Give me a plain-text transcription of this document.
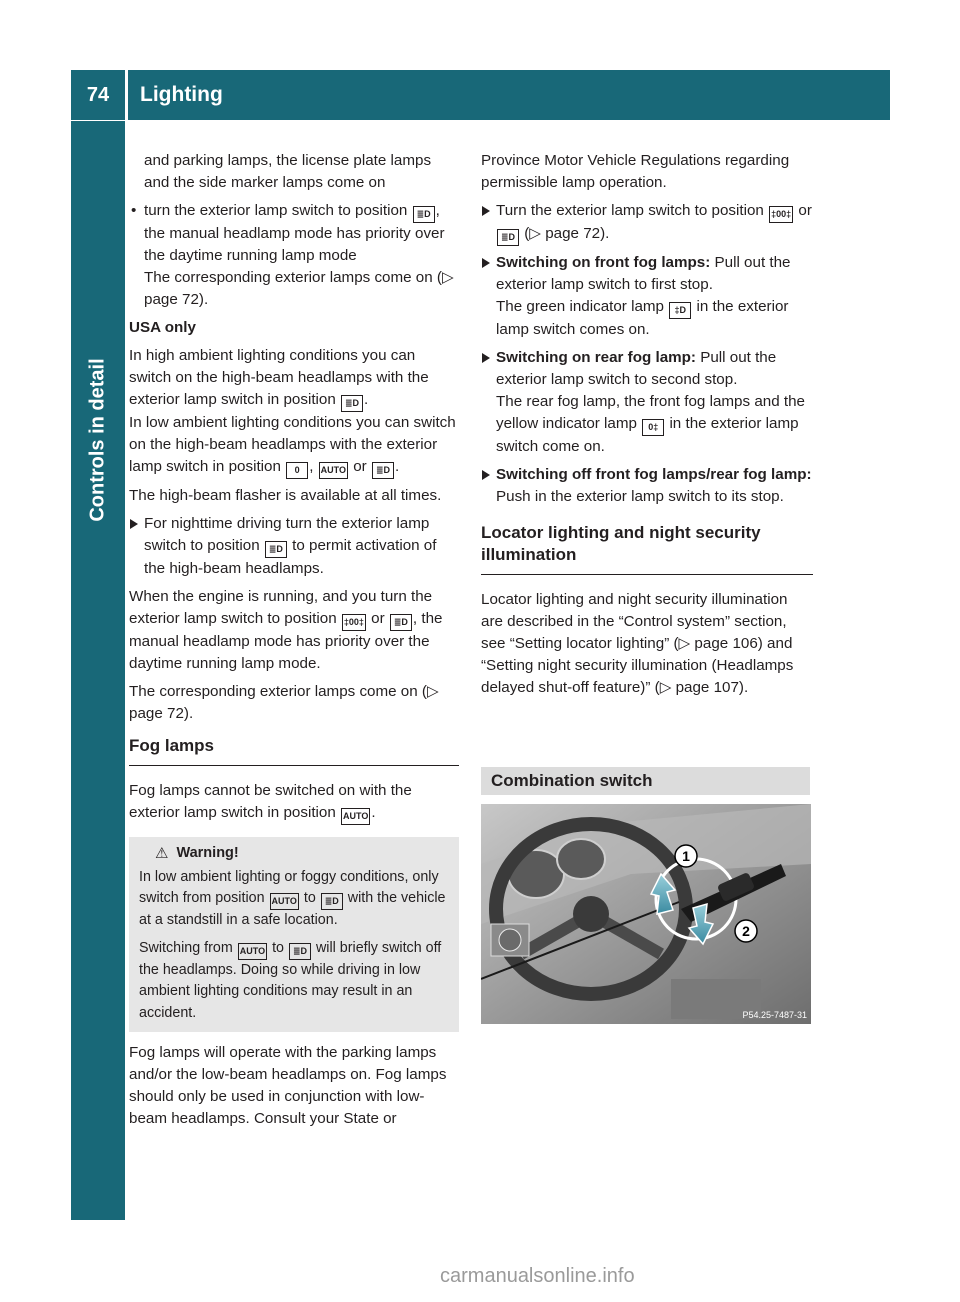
74	Lighting
Controls in detail

and parking lamps, the license plate lamps and the side marker lamps come on

• turn the exterior lamp switch to position ≣D , the manual headlamp mode has priority over the daytime running lamp mode
The corresponding exterior lamps come on (▷ page 72).

USA only

In high ambient lighting conditions you can switch on the high-beam headlamps with the exterior lamp switch in position ≣D .

In low ambient lighting conditions you can switch on the high-beam headlamps with the exterior lamp switch in position 0 , AUTO or ≣D .

The high-beam flasher is available at all times.

For nighttime driving turn the exterior lamp switch to position ≣D to permit activation of the high-beam headlamps.

When the engine is running, and you turn the exterior lamp switch to position ‡00‡ or ≣D , the manual headlamp mode has priority over the daytime running lamp mode.

The corresponding exterior lamps come on (▷ page 72).

Fog lamps

Fog lamps cannot be switched on with the exterior lamp switch in position AUTO .

⚠ Warning!

In low ambient lighting or foggy conditions, only switch from position AUTO to ≣D with the vehicle at a standstill in a safe location.

Switching from AUTO to ≣D will briefly switch off the headlamps. Doing so while driving in low ambient lighting conditions may result in an accident.

Fog lamps will operate with the parking lamps and/or the low-beam headlamps on. Fog lamps should only be used in conjunction with low-beam headlamps. Consult your State or

Province Motor Vehicle Regulations regarding permissible lamp operation.

Turn the exterior lamp switch to position ‡00‡ or ≣D (▷ page 72).
Switching on front fog lamps: Pull out the exterior lamp switch to first stop.
The green indicator lamp ‡D in the exterior lamp switch comes on.
Switching on rear fog lamp: Pull out the exterior lamp switch to second stop.
The rear fog lamp, the front fog lamps and the yellow indicator lamp 0‡ in the exterior lamp switch come on.
Switching off front fog lamps/rear fog lamp: Push in the exterior lamp switch to its stop.
Locator lighting and night security illumination

Locator lighting and night security illumination are described in the “Control system” section, see “Setting locator lighting” (▷ page 106) and “Setting night security illumination (Headlamps delayed shut-off feature)” (▷ page 107).

Combination switch
1
2
P54.25-7487-31
carmanualsonline.info
